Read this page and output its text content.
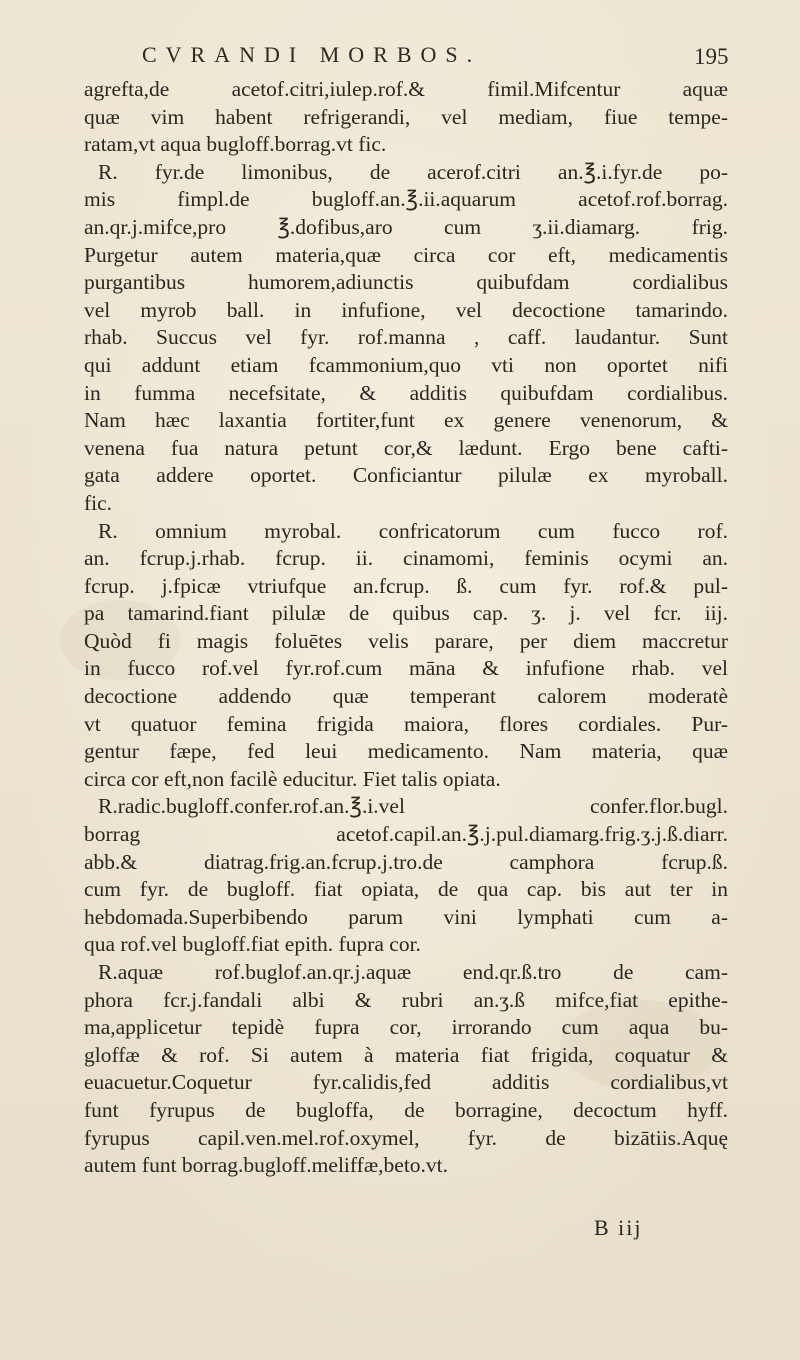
CVRANDI MORBOS.	195
agrefta,de acetof.citri,iulep.rof.& fimil.Mifcentur aquæ
quæ vim habent refrigerandi, vel mediam, fiue tempe-
ratam,vt aqua bugloff.borrag.vt fic.
R. fyr.de limonibus, de acerof.citri an.℥.i.fyr.de po-
mis fimpl.de bugloff.an.℥.ii.aquarum acetof.rof.borrag.
an.qr.j.mifce,pro ℥.dofibus,aro cum ʒ.ii.diamarg. frig.
Purgetur autem materia,quæ circa cor eft, medicamentis
purgantibus humorem,adiunctis quibufdam cordialibus
vel myrob ball. in infufione, vel decoctione tamarindo.
rhab. Succus vel fyr. rof.manna , caff. laudantur. Sunt
qui addunt etiam fcammonium,quo vti non oportet nifi
in fumma necefsitate, & additis quibufdam cordialibus.
Nam hæc laxantia fortiter,funt ex genere venenorum, &
venena fua natura petunt cor,& lædunt. Ergo bene cafti-
gata addere oportet. Conficiantur pilulæ ex myroball.
fic.
R. omnium myrobal. confricatorum cum fucco rof.
an. fcrup.j.rhab. fcrup. ii. cinamomi, feminis ocymi an.
fcrup. j.fpicæ vtriufque an.fcrup. ß. cum fyr. rof.& pul-
pa tamarind.fiant pilulæ de quibus cap. ʒ. j. vel fcr. iij.
Quòd fi magis foluētes velis parare, per diem maccretur
in fucco rof.vel fyr.rof.cum māna & infufione rhab. vel
decoctione addendo quæ temperant calorem moderatè
vt quatuor femina frigida maiora, flores cordiales. Pur-
gentur fæpe, fed leui medicamento. Nam materia, quæ
circa cor eft,non facilè educitur. Fiet talis opiata.
R.radic.bugloff.confer.rof.an.℥.i.vel confer.flor.bugl.
borrag acetof.capil.an.℥.j.pul.diamarg.frig.ʒ.j.ß.diarr.
abb.& diatrag.frig.an.fcrup.j.tro.de camphora fcrup.ß.
cum fyr. de bugloff. fiat opiata, de qua cap. bis aut ter in
hebdomada.Superbibendo parum vini lymphati cum a-
qua rof.vel bugloff.fiat epith. fupra cor.
R.aquæ rof.buglof.an.qr.j.aquæ end.qr.ß.tro de cam-
phora fcr.j.fandali albi & rubri an.ʒ.ß mifce,fiat epithe-
ma,applicetur tepidè fupra cor, irrorando cum aqua bu-
gloffæ & rof. Si autem à materia fiat frigida, coquatur &
euacuetur.Coquetur fyr.calidis,fed additis cordialibus,vt
funt fyrupus de bugloffa, de borragine, decoctum hyff.
fyrupus capil.ven.mel.rof.oxymel, fyr. de bizātiis.Aquę
autem funt borrag.bugloff.meliffæ,beto.vt.
B iij
